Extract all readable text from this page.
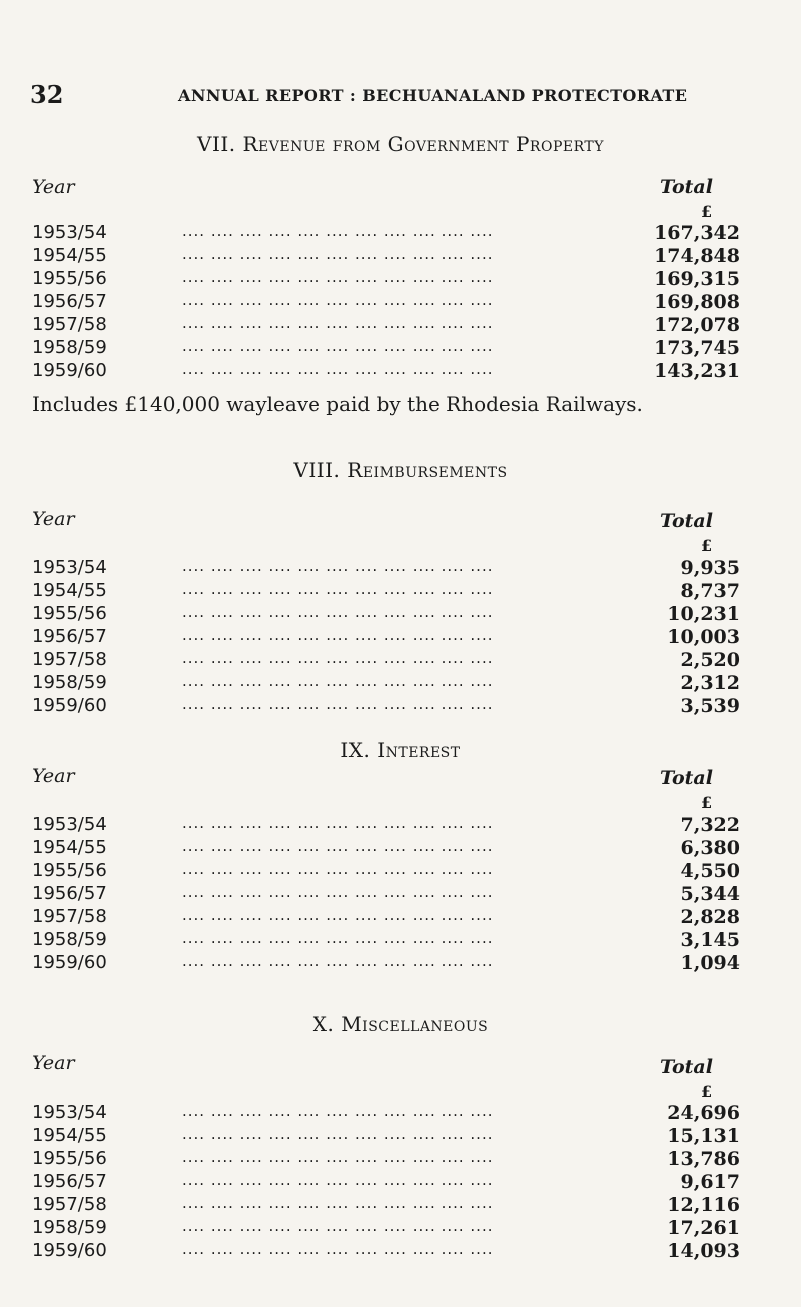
32	ANNUAL REPORT : BECHUANALAND PROTECTORATE
VII. Revenue from Government Property
Year	Total
£
1953/54	.... .... .... .... .... .... .... .... .... .... ....	167,342
1954/55	.... .... .... .... .... .... .... .... .... .... ....	174,848
1955/56	.... .... .... .... .... .... .... .... .... .... ....	169,315
1956/57	.... .... .... .... .... .... .... .... .... .... ....	169,808
1957/58	.... .... .... .... .... .... .... .... .... .... ....	172,078
1958/59	.... .... .... .... .... .... .... .... .... .... ....	173,745
1959/60	.... .... .... .... .... .... .... .... .... .... ....	143,231
Includes £140,000 wayleave paid by the Rhodesia Railways.
VIII. Reimbursements
Year	Total
£
1953/54	.... .... .... .... .... .... .... .... .... .... ....	9,935
1954/55	.... .... .... .... .... .... .... .... .... .... ....	8,737
1955/56	.... .... .... .... .... .... .... .... .... .... ....	10,231
1956/57	.... .... .... .... .... .... .... .... .... .... ....	10,003
1957/58	.... .... .... .... .... .... .... .... .... .... ....	2,520
1958/59	.... .... .... .... .... .... .... .... .... .... ....	2,312
1959/60	.... .... .... .... .... .... .... .... .... .... ....	3,539
IX. Interest
Year	Total
£
1953/54	.... .... .... .... .... .... .... .... .... .... ....	7,322
1954/55	.... .... .... .... .... .... .... .... .... .... ....	6,380
1955/56	.... .... .... .... .... .... .... .... .... .... ....	4,550
1956/57	.... .... .... .... .... .... .... .... .... .... ....	5,344
1957/58	.... .... .... .... .... .... .... .... .... .... ....	2,828
1958/59	.... .... .... .... .... .... .... .... .... .... ....	3,145
1959/60	.... .... .... .... .... .... .... .... .... .... ....	1,094
X. Miscellaneous
Year	Total
£
1953/54	.... .... .... .... .... .... .... .... .... .... ....	24,696
1954/55	.... .... .... .... .... .... .... .... .... .... ....	15,131
1955/56	.... .... .... .... .... .... .... .... .... .... ....	13,786
1956/57	.... .... .... .... .... .... .... .... .... .... ....	9,617
1957/58	.... .... .... .... .... .... .... .... .... .... ....	12,116
1958/59	.... .... .... .... .... .... .... .... .... .... ....	17,261
1959/60	.... .... .... .... .... .... .... .... .... .... ....	14,093
